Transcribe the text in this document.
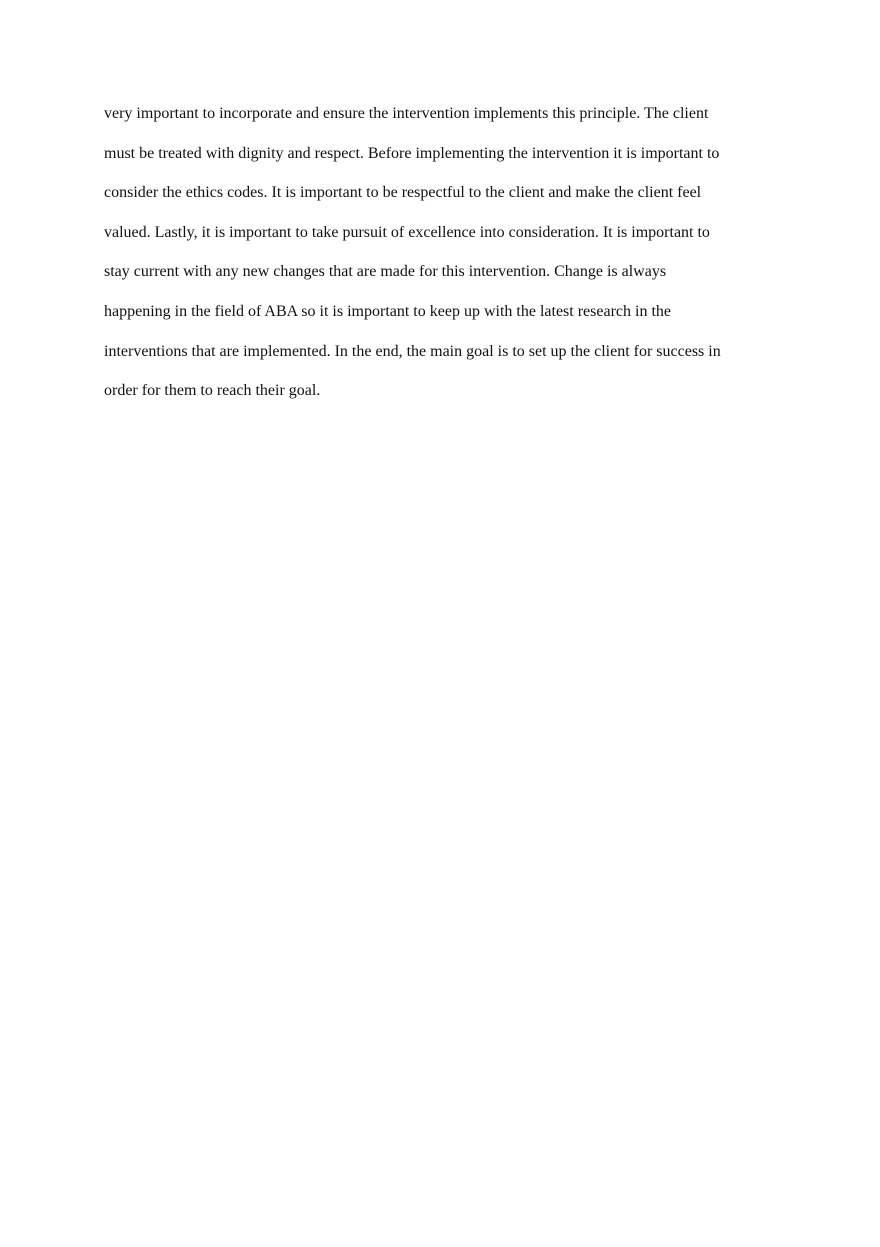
very important to incorporate and ensure the intervention implements this principle. The client
must be treated with dignity and respect. Before implementing the intervention it is important to
consider the ethics codes. It is important to be respectful to the client and make the client feel
valued. Lastly, it is important to take pursuit of excellence into consideration. It is important to
stay current with any new changes that are made for this intervention. Change is always
happening in the field of ABA so it is important to keep up with the latest research in the
interventions that are implemented. In the end, the main goal is to set up the client for success in
order for them to reach their goal.
